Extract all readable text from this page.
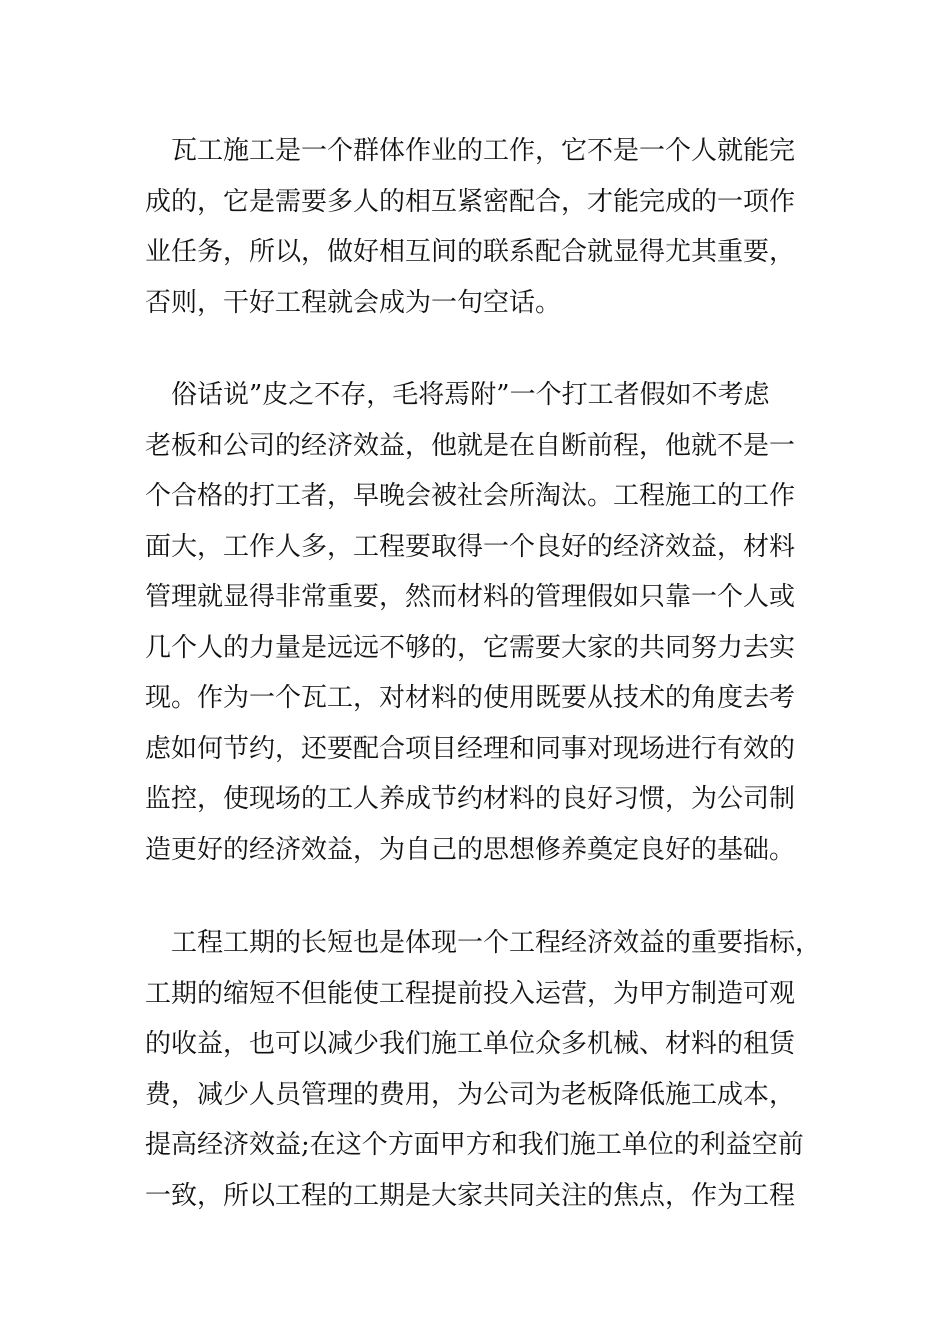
　瓦工施工是一个群体作业的工作，它不是一个人就能完
成的，它是需要多人的相互紧密配合，才能完成的一项作
业任务，所以，做好相互间的联系配合就显得尤其重要，
否则，干好工程就会成为一句空话。

　俗话说”皮之不存，毛将焉附”一个打工者假如不考虑
老板和公司的经济效益，他就是在自断前程，他就不是一
个合格的打工者，早晚会被社会所淘汰。工程施工的工作
面大，工作人多，工程要取得一个良好的经济效益，材料
管理就显得非常重要，然而材料的管理假如只靠一个人或
几个人的力量是远远不够的，它需要大家的共同努力去实
现。作为一个瓦工，对材料的使用既要从技术的角度去考
虑如何节约，还要配合项目经理和同事对现场进行有效的
监控，使现场的工人养成节约材料的良好习惯，为公司制
造更好的经济效益，为自己的思想修养奠定良好的基础。

　工程工期的长短也是体现一个工程经济效益的重要指标，
工期的缩短不但能使工程提前投入运营，为甲方制造可观
的收益，也可以减少我们施工单位众多机械、材料的租赁
费，减少人员管理的费用，为公司为老板降低施工成本，
提高经济效益;在这个方面甲方和我们施工单位的利益空前
一致，所以工程的工期是大家共同关注的焦点，作为工程
